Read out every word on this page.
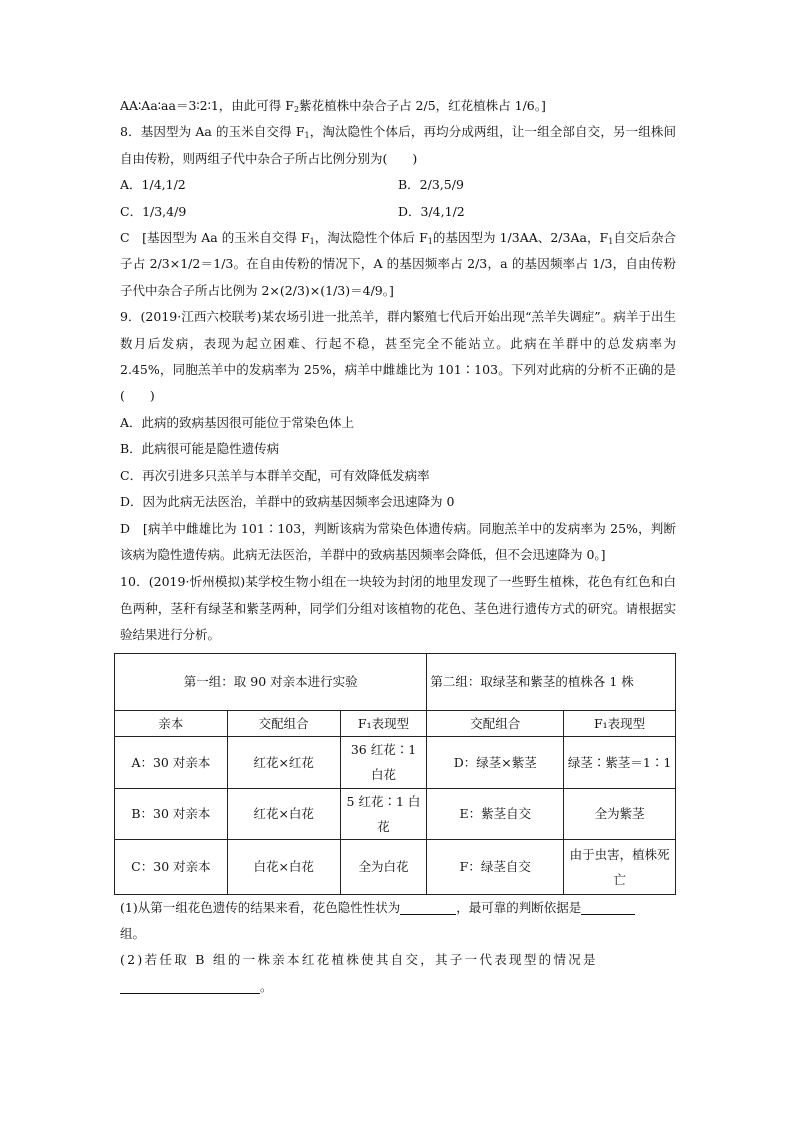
AA∶Aa∶aa＝3∶2∶1，由此可得 $F_2$紫花植株中杂合子占 2/5，红花植株占 1/6。]

8．基因型为 Aa 的玉米自交得 $F_1$，淘汰隐性个体后，再均分成两组，让一组全部自交，另一组株间自由传粉，则两组子代中杂合子所占比例分别为(　　)

A．1/4,1/2	B．2/3,5/9
C．1/3,4/9	D．3/4,1/2

C　[基因型为 Aa 的玉米自交得 $F_1$，淘汰隐性个体后 $F_1$的基因型为 1/3AA、2/3Aa，$F_1$自交后杂合子占 2/3×1/2＝1/3。在自由传粉的情况下，A 的基因频率占 2/3，a 的基因频率占 1/3，自由传粉子代中杂合子所占比例为 2×(2/3)×(1/3)＝4/9。]

9．(2019·江西六校联考)某农场引进一批羔羊，群内繁殖七代后开始出现“羔羊失调症”。病羊于出生数月后发病，表现为起立困难、行起不稳，甚至完全不能站立。此病在羊群中的总发病率为 2.45%，同胞羔羊中的发病率为 25%，病羊中雌雄比为 101∶103。下列对此病的分析不正确的是(　　)

A．此病的致病基因很可能位于常染色体上

B．此病很可能是隐性遗传病

C．再次引进多只羔羊与本群羊交配，可有效降低发病率

D．因为此病无法医治，羊群中的致病基因频率会迅速降为 0

D　[病羊中雌雄比为 101∶103，判断该病为常染色体遗传病。同胞羔羊中的发病率为 25%，判断该病为隐性遗传病。此病无法医治，羊群中的致病基因频率会降低，但不会迅速降为 0。]

10．(2019·忻州模拟)某学校生物小组在一块较为封闭的地里发现了一些野生植株，花色有红色和白色两种，茎秆有绿茎和紫茎两种，同学们分组对该植物的花色、茎色进行遗传方式的研究。请根据实验结果进行分析。

第一组：取 90 对亲本进行实验			第二组：取绿茎和紫茎的植株各 1 株	
亲本	交配组合	F₁表现型	交配组合	F₁表现型
A：30 对亲本	红花×红花	36 红花∶1 白花	D：绿茎×紫茎	绿茎∶紫茎＝1∶1
B：30 对亲本	红花×白花	5 红花∶1 白花	E：紫茎自交	全为紫茎
C：30 对亲本	白花×白花	全为白花	F：绿茎自交	由于虫害，植株死亡

(1)从第一组花色遗传的结果来看，花色隐性性状为	，最可靠的判断依据是
组。

(2)若任取 B 组的一株亲本红花植株使其自交，其子一代表现型的情况是
。
